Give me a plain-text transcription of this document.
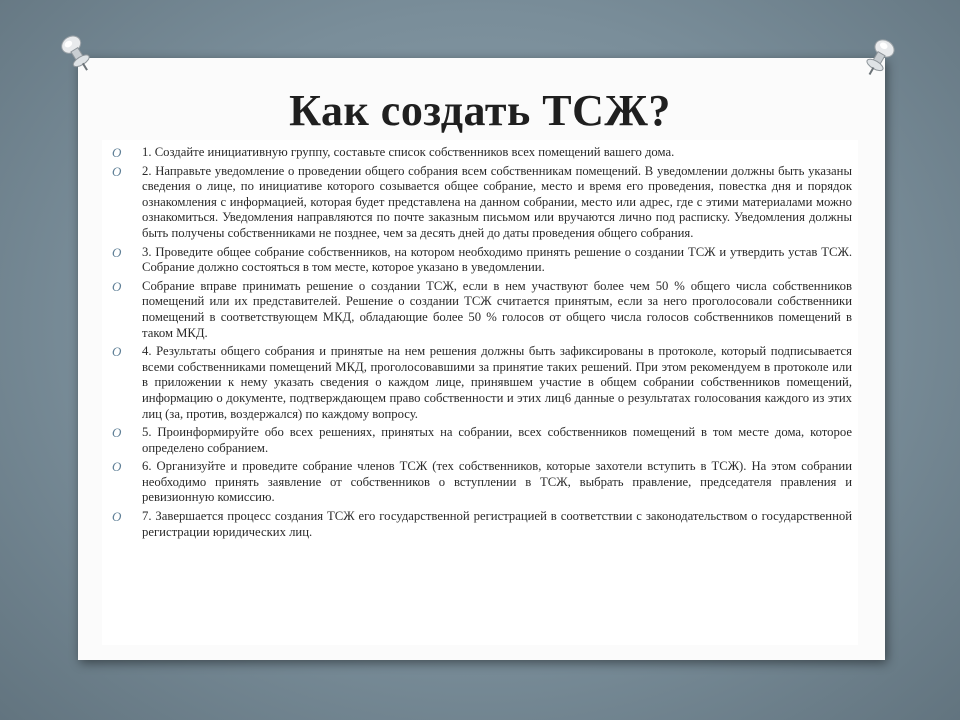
Как создать ТСЖ?
O 1. Создайте инициативную группу, составьте список собственников всех помещений вашего дома.
O 2. Направьте уведомление о проведении общего собрания всем собственникам помещений. В уведомлении должны быть указаны сведения о лице, по инициативе которого созывается общее собрание, место и время его проведения, повестка дня и порядок ознакомления с информацией, которая будет представлена на данном собрании, место или адрес, где с этими материалами можно ознакомиться. Уведомления направляются по почте заказным письмом или вручаются лично под расписку. Уведомления должны быть получены собственниками не позднее, чем за десять дней до даты проведения общего собрания.
O 3. Проведите общее собрание собственников, на котором необходимо принять решение о создании ТСЖ и утвердить устав ТСЖ. Собрание должно состояться в том месте, которое указано в уведомлении.
O Собрание вправе принимать решение о создании ТСЖ, если в нем участвуют более чем 50 % общего числа собственников помещений или их представителей. Решение о создании ТСЖ считается принятым, если за него проголосовали собственники помещений в соответствующем МКД, обладающие более 50 % голосов от общего числа голосов собственников помещений в таком МКД.
O 4. Результаты общего собрания и принятые на нем решения должны быть зафиксированы в протоколе, который подписывается всеми собственниками помещений МКД, проголосовавшими за принятие таких решений. При этом рекомендуем в протоколе или в приложении к нему указать сведения о каждом лице, принявшем участие в общем собрании собственников помещений, информацию о документе, подтверждающем право собственности и этих лиц6 данные о результатах голосования каждого из этих лиц (за, против, воздержался) по каждому вопросу.
O 5. Проинформируйте обо всех решениях, принятых на собрании, всех собственников помещений в том месте дома, которое определено собранием.
O 6. Организуйте и проведите собрание членов ТСЖ (тех собственников, которые захотели вступить в ТСЖ). На этом собрании необходимо принять заявление от собственников о вступлении в ТСЖ, выбрать правление, председателя правления и ревизионную комиссию.
O 7. Завершается процесс создания ТСЖ его государственной регистрацией в соответствии с законодательством о государственной регистрации юридических лиц.
